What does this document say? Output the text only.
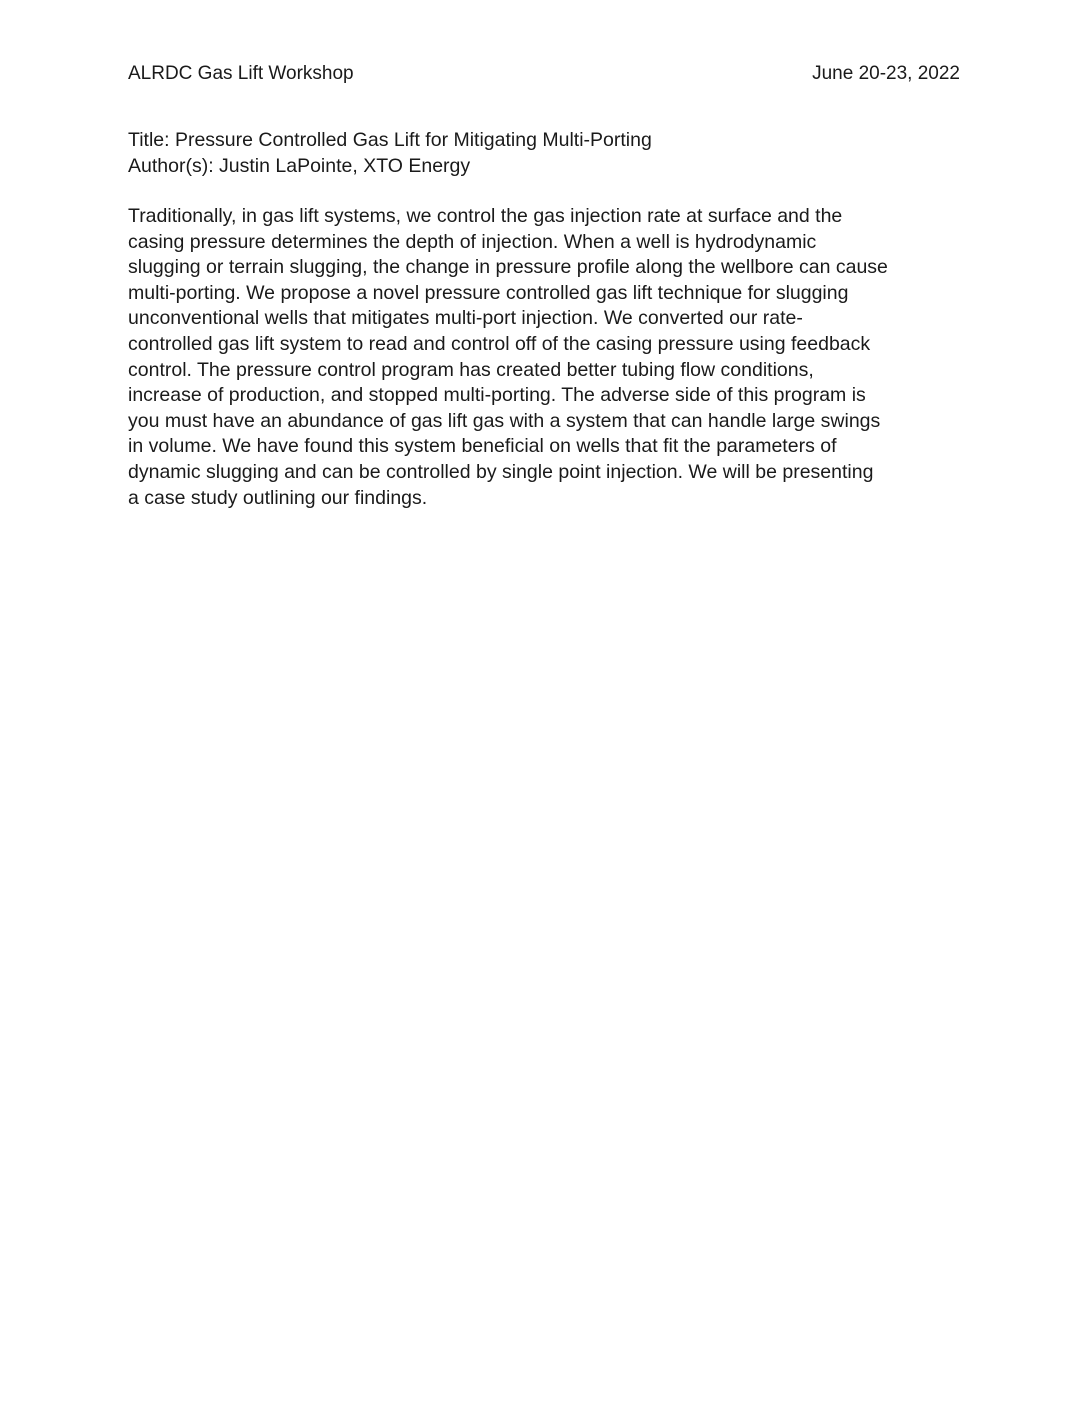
ALRDC Gas Lift Workshop	June 20-23, 2022
Title: Pressure Controlled Gas Lift for Mitigating Multi-Porting
Author(s): Justin LaPointe, XTO Energy
Traditionally, in gas lift systems, we control the gas injection rate at surface and the
casing pressure determines the depth of injection. When a well is hydrodynamic
slugging or terrain slugging, the change in pressure profile along the wellbore can cause
multi-porting. We propose a novel pressure controlled gas lift technique for slugging
unconventional wells that mitigates multi-port injection. We converted our rate-
controlled gas lift system to read and control off of the casing pressure using feedback
control. The pressure control program has created better tubing flow conditions,
increase of production, and stopped multi-porting. The adverse side of this program is
you must have an abundance of gas lift gas with a system that can handle large swings
in volume. We have found this system beneficial on wells that fit the parameters of
dynamic slugging and can be controlled by single point injection. We will be presenting
a case study outlining our findings.
